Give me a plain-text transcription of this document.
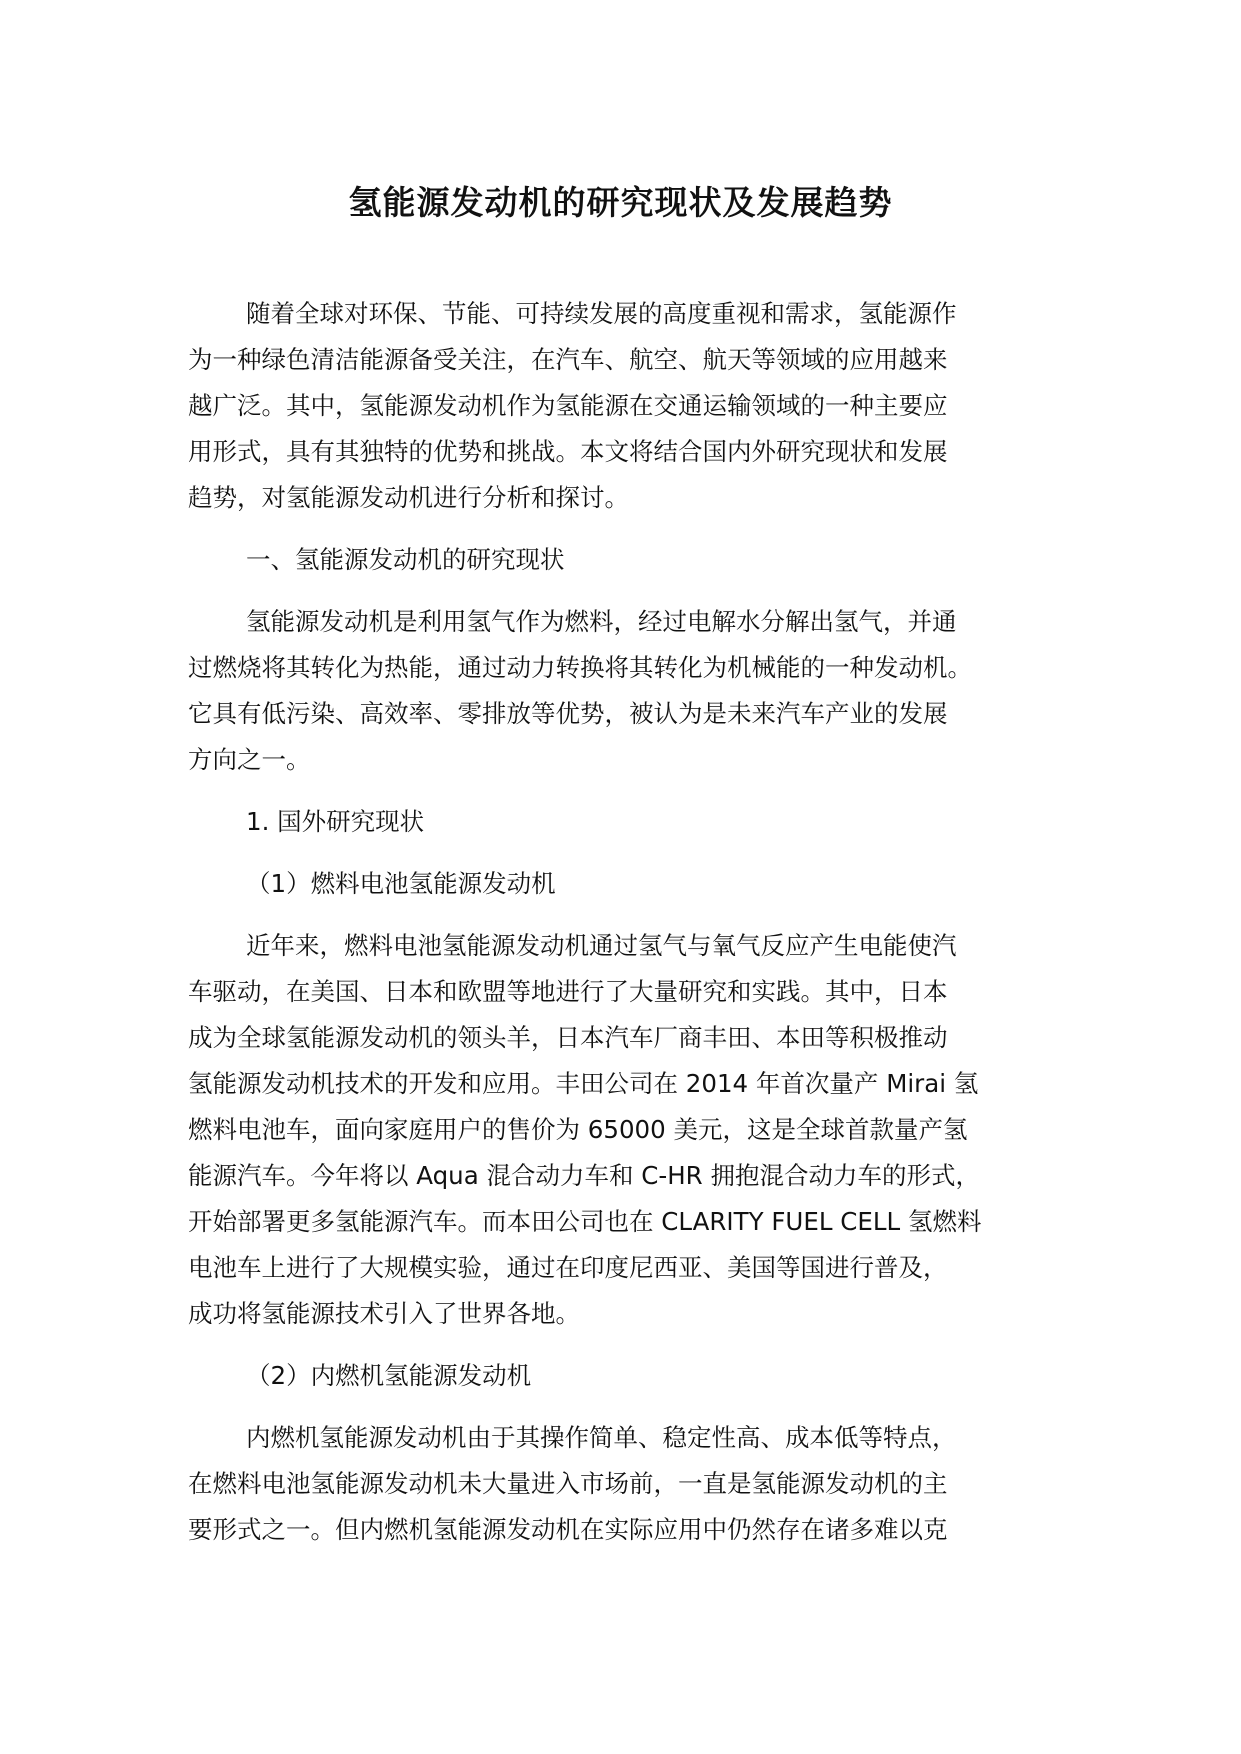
氢能源发动机的研究现状及发展趋势
随着全球对环保、节能、可持续发展的高度重视和需求，氢能源作
为一种绿色清洁能源备受关注，在汽车、航空、航天等领域的应用越来
越广泛。其中，氢能源发动机作为氢能源在交通运输领域的一种主要应
用形式，具有其独特的优势和挑战。本文将结合国内外研究现状和发展
趋势，对氢能源发动机进行分析和探讨。
一、氢能源发动机的研究现状
氢能源发动机是利用氢气作为燃料，经过电解水分解出氢气，并通
过燃烧将其转化为热能，通过动力转换将其转化为机械能的一种发动机。
它具有低污染、高效率、零排放等优势，被认为是未来汽车产业的发展
方向之一。
1. 国外研究现状
（1）燃料电池氢能源发动机
近年来，燃料电池氢能源发动机通过氢气与氧气反应产生电能使汽
车驱动，在美国、日本和欧盟等地进行了大量研究和实践。其中，日本
成为全球氢能源发动机的领头羊，日本汽车厂商丰田、本田等积极推动
氢能源发动机技术的开发和应用。丰田公司在 2014 年首次量产 Mirai 氢
燃料电池车，面向家庭用户的售价为 65000 美元，这是全球首款量产氢
能源汽车。今年将以 Aqua 混合动力车和 C-HR 拥抱混合动力车的形式，
开始部署更多氢能源汽车。而本田公司也在 CLARITY FUEL CELL 氢燃料
电池车上进行了大规模实验，通过在印度尼西亚、美国等国进行普及，
成功将氢能源技术引入了世界各地。
（2）内燃机氢能源发动机
内燃机氢能源发动机由于其操作简单、稳定性高、成本低等特点，
在燃料电池氢能源发动机未大量进入市场前，一直是氢能源发动机的主
要形式之一。但内燃机氢能源发动机在实际应用中仍然存在诸多难以克
